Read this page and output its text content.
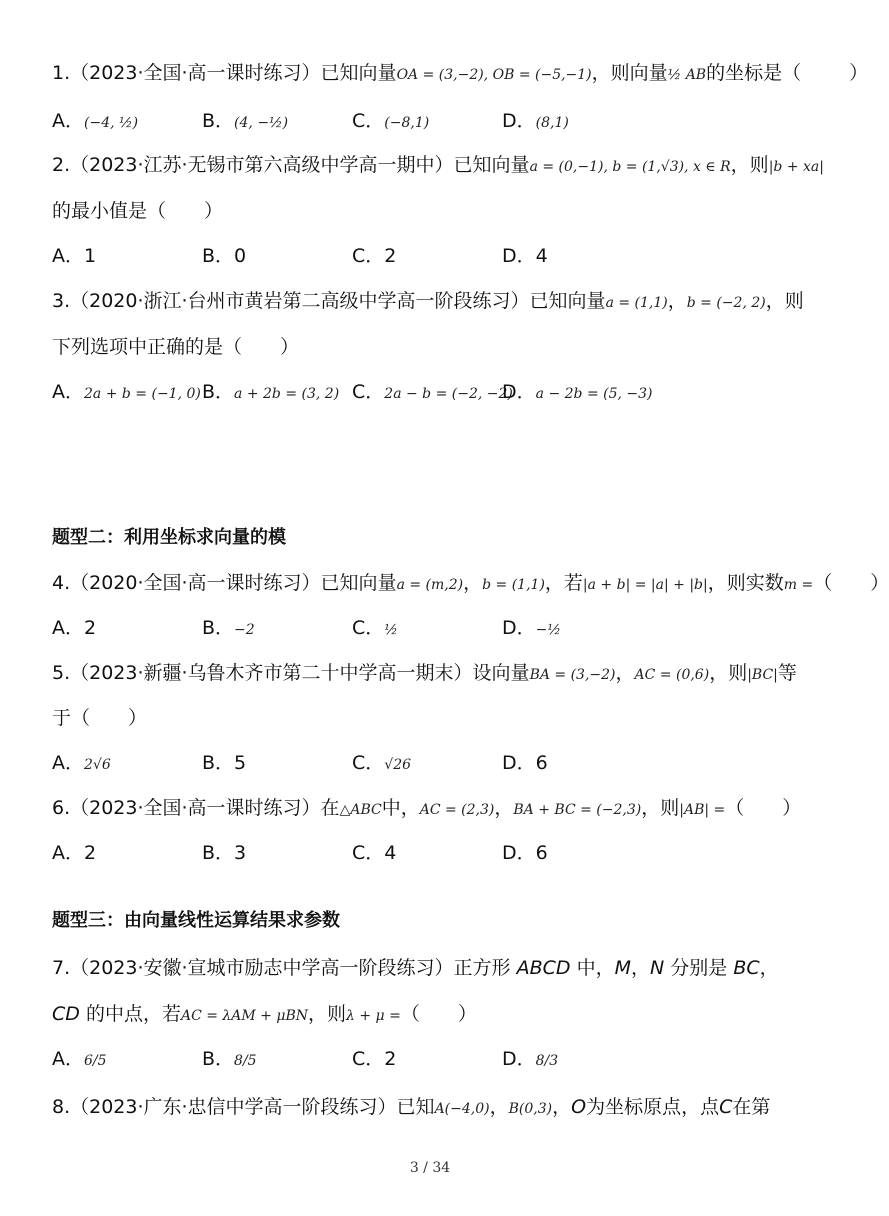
1.（2023·全国·高一课时练习）已知向量OA = (3,−2), OB = (−5,−1)，则向量½ AB的坐标是（	）
A．(−4, ½)	B．(4, −½)	C．(−8,1)	D．(8,1)
2.（2023·江苏·无锡市第六高级中学高一期中）已知向量a = (0,−1), b = (1,√3), x ∈ R，则|b + xa|
的最小值是（　　）
A．1	B．0	C．2	D．4
3.（2020·浙江·台州市黄岩第二高级中学高一阶段练习）已知向量a = (1,1)，b = (−2, 2)，则
下列选项中正确的是（　　）
A．2a + b = (−1, 0) B．a + 2b = (3, 2) C．2a − b = (−2, −2)
D．a − 2b = (5, −3)
题型二：利用坐标求向量的模
4.（2020·全国·高一课时练习）已知向量a = (m,2)，b = (1,1)，若|a + b| = |a| + |b|，则实数m =（　　）
A．2	B．−2	C．½	D．−½
5.（2023·新疆·乌鲁木齐市第二十中学高一期末）设向量BA = (3,−2)，AC = (0,6)，则|BC|等
于（　　）
A．2√6	B．5	C．√26	D．6
6.（2023·全国·高一课时练习）在△ABC中，AC = (2,3)，BA + BC = (−2,3)，则|AB| =（　　）
A．2	B．3	C．4	D．6
题型三：由向量线性运算结果求参数
7.（2023·安徽·宣城市励志中学高一阶段练习）正方形 ABCD 中，M，N 分别是 BC，
CD 的中点，若AC = λAM + μBN，则λ + μ =（　　）
A．6/5	B．8/5	C．2	D．8/3
8.（2023·广东·忠信中学高一阶段练习）已知A(−4,0)，B(0,3)，O为坐标原点，点C在第
3 / 34
